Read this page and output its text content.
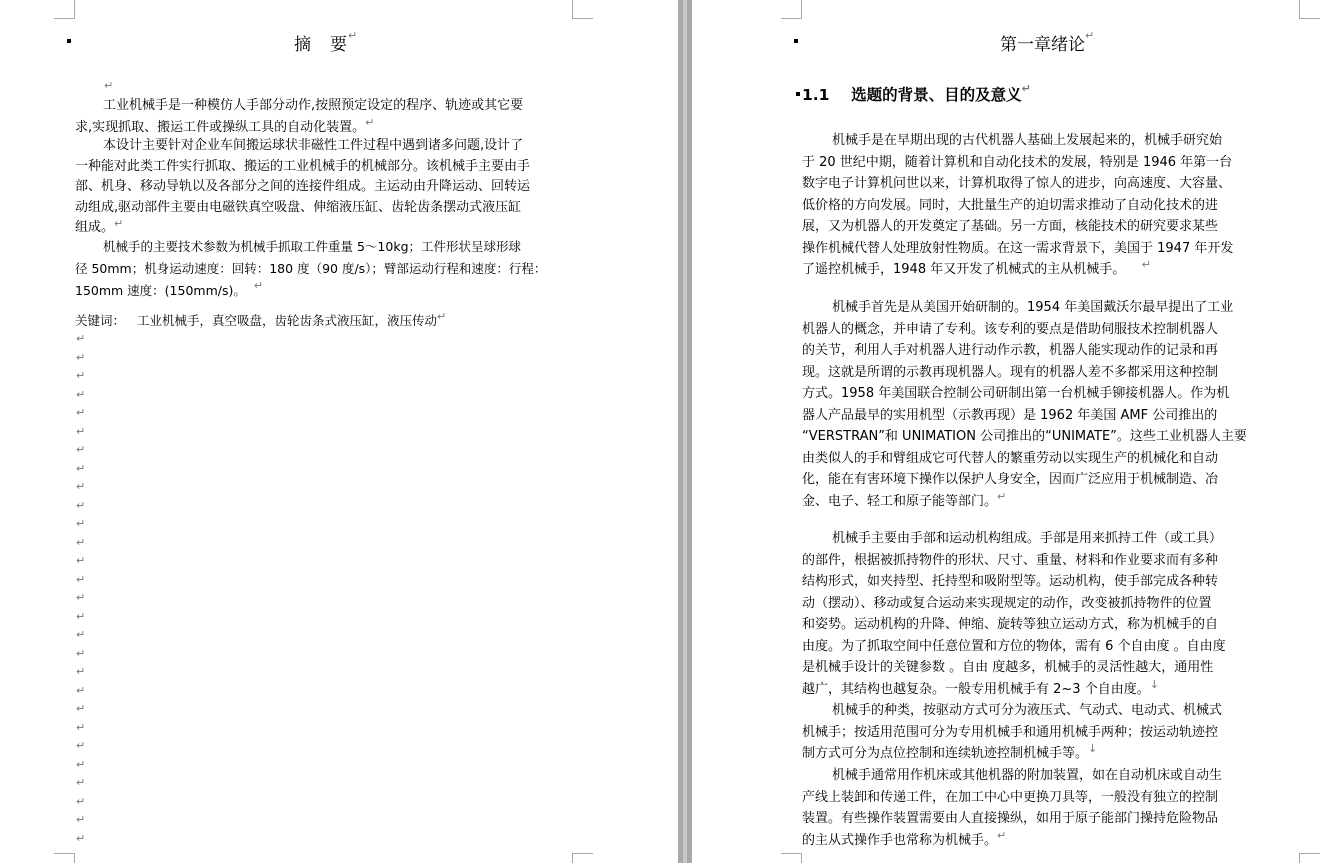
摘　要 ↵
↵
工业机械手是一种模仿人手部分动作,按照预定设定的程序、轨迹或其它要
求,实现抓取、搬运工件或操纵工具的自动化装置。 ↵
本设计主要针对企业车间搬运球状非磁性工件过程中遇到诸多问题,设计了
一种能对此类工件实行抓取、搬运的工业机械手的机械部分。该机械手主要由手
部、机身、移动导轨以及各部分之间的连接件组成。主运动由升降运动、回转运
动组成,驱动部件主要由电磁铁真空吸盘、伸缩液压缸、齿轮齿条摆动式液压缸
组成。 ↵
机械手的主要技术参数为机械手抓取工件重量 5～10kg；工件形状呈球形球
径 50mm；机身运动速度：回转：180 度（90 度/s）；臂部运动行程和速度：行程：
150mm 速度：(150mm/s)。 ↵
关键词： 工业机械手，真空吸盘，齿轮齿条式液压缸，液压传动 ↵
↵
↵
↵
↵
↵
↵
↵
↵
↵
↵
↵
↵
↵
↵
↵
↵
↵
↵
↵
↵
↵
↵
↵
↵
↵
↵
↵
↵
第一章绪论 ↵
1.1 选题的背景、目的及意义 ↵
机械手是在早期出现的古代机器人基础上发展起来的，机械手研究始
于 20 世纪中期，随着计算机和自动化技术的发展，特别是 1946 年第一台
数字电子计算机问世以来，计算机取得了惊人的进步，向高速度、大容量、
低价格的方向发展。同时，大批量生产的迫切需求推动了自动化技术的进
展，又为机器人的开发奠定了基础。另一方面，核能技术的研究要求某些
操作机械代替人处理放射性物质。在这一需求背景下，美国于 1947 年开发
了遥控机械手，1948 年又开发了机械式的主从机械手。 ↵
机械手首先是从美国开始研制的。1954 年美国戴沃尔最早提出了工业
机器人的概念，并申请了专利。该专利的要点是借助伺服技术控制机器人
的关节，利用人手对机器人进行动作示教，机器人能实现动作的记录和再
现。这就是所谓的示教再现机器人。现有的机器人差不多都采用这种控制
方式。1958 年美国联合控制公司研制出第一台机械手铆接机器人。作为机
器人产品最早的实用机型（示教再现）是 1962 年美国 AMF 公司推出的
“VERSTRAN”和 UNIMATION 公司推出的“UNIMATE”。这些工业机器人主要
由类似人的手和臂组成它可代替人的繁重劳动以实现生产的机械化和自动
化，能在有害环境下操作以保护人身安全，因而广泛应用于机械制造、冶
金、电子、轻工和原子能等部门。 ↵
机械手主要由手部和运动机构组成。手部是用来抓持工件（或工具）
的部件，根据被抓持物件的形状、尺寸、重量、材料和作业要求而有多种
结构形式，如夹持型、托持型和吸附型等。运动机构，使手部完成各种转
动（摆动）、移动或复合运动来实现规定的动作，改变被抓持物件的位置
和姿势。运动机构的升降、伸缩、旋转等独立运动方式，称为机械手的自
由度。为了抓取空间中任意位置和方位的物体，需有 6 个自由度 。自由度
是机械手设计的关键参数 。自由 度越多，机械手的灵活性越大，通用性
越广，其结构也越复杂。一般专用机械手有 2~3 个自由度。 ↓
机械手的种类，按驱动方式可分为液压式、气动式、电动式、机械式
机械手；按适用范围可分为专用机械手和通用机械手两种；按运动轨迹控
制方式可分为点位控制和连续轨迹控制机械手等。 ↓
机械手通常用作机床或其他机器的附加装置，如在自动机床或自动生
产线上装卸和传递工件，在加工中心中更换刀具等，一般没有独立的控制
装置。有些操作装置需要由人直接操纵，如用于原子能部门操持危险物品
的主从式操作手也常称为机械手。 ↵
